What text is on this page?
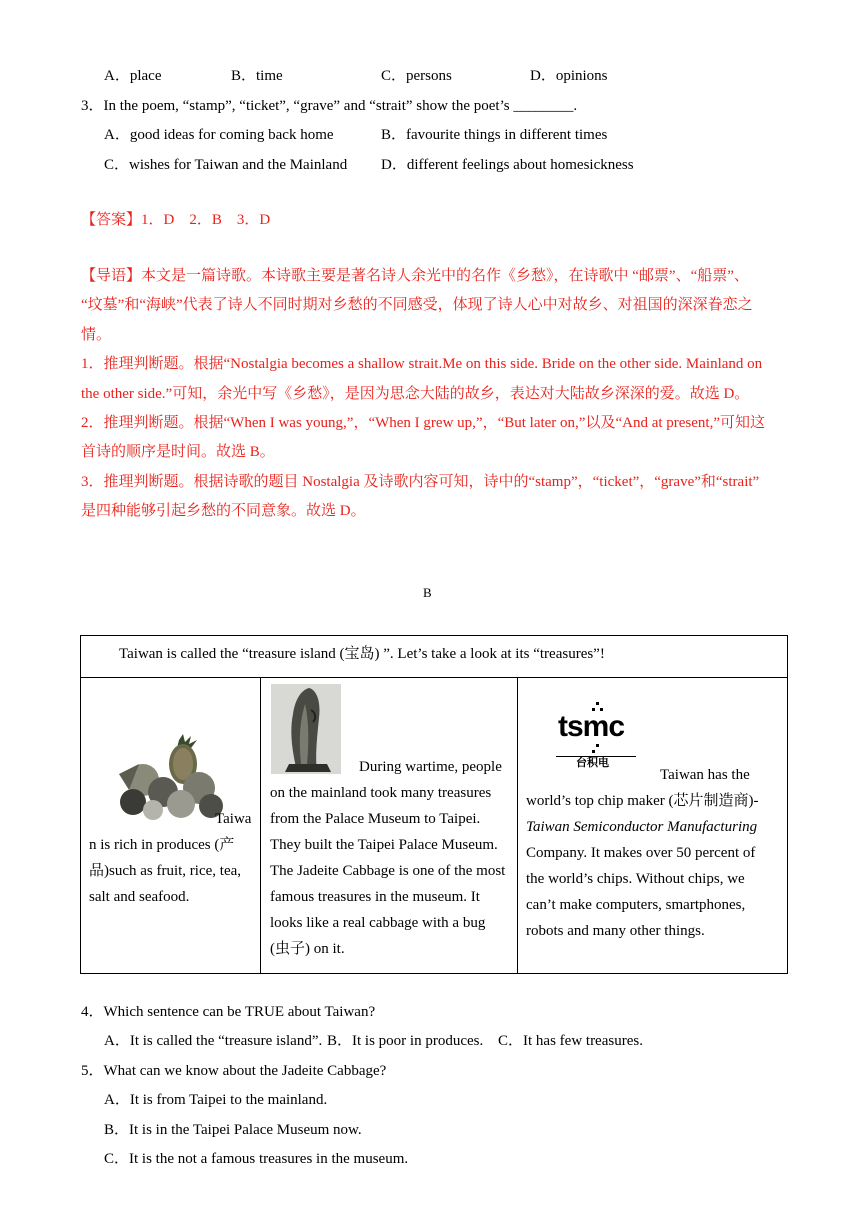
A．place	B．time	C．persons	D．opinions
3．In the poem, “stamp”, “ticket”, “grave” and “strait” show the poet’s ________.
A．good ideas for coming back home	B．favourite things in different times
C．wishes for Taiwan and the Mainland D．different feelings about homesickness
【答案】1．D　2．B　3．D
【导语】本文是一篇诗歌。本诗歌主要是著名诗人余光中的名作《乡愁》，在诗歌中 “邮票”、“船票”、
“坟墓”和“海峡”代表了诗人不同时期对乡愁的不同感受，体现了诗人心中对故乡、对祖国的深深眷恋之
情。
1．推理判断题。根据“Nostalgia becomes a shallow strait.Me on this side. Bride on the other side. Mainland on
the other side.”可知，余光中写《乡愁》，是因为思念大陆的故乡，表达对大陆故乡深深的爱。故选 D。
2．推理判断题。根据“When I was young,”，“When I grew up,”，“But later on,”以及“And at present,”可知这
首诗的顺序是时间。故选 B。
3．推理判断题。根据诗歌的题目 Nostalgia 及诗歌内容可知，诗中的“stamp”，“ticket”，“grave”和“strait”
是四种能够引起乡愁的不同意象。故选 D。
B
Taiwan is called the “treasure island (宝岛) ”. Let’s take a look at its “treasures”!

Taiwa

n is rich in produces (产

品)such as fruit, rice, tea,

salt and seafood.

During wartime, people

on the mainland took many treasures

from the Palace Museum to Taipei.

They built the Taipei Palace Museum.

The Jadeite Cabbage is one of the most

famous treasures in the museum. It

looks like a real cabbage with a bug

(虫子) on it.

tsmc
台积电

Taiwan has the

world’s top chip maker (芯片制造商)-

Taiwan Semiconductor Manufacturing

Company. It makes over 50 percent of

the world’s chips. Without chips, we

can’t make computers, smartphones,

robots and many other things.

4．Which sentence can be TRUE about Taiwan?
A．It is called the “treasure island”. B．It is poor in produces. C．It has few treasures.
5．What can we know about the Jadeite Cabbage?
A．It is from Taipei to the mainland.
B．It is in the Taipei Palace Museum now.
C．It is the not a famous treasures in the museum.
